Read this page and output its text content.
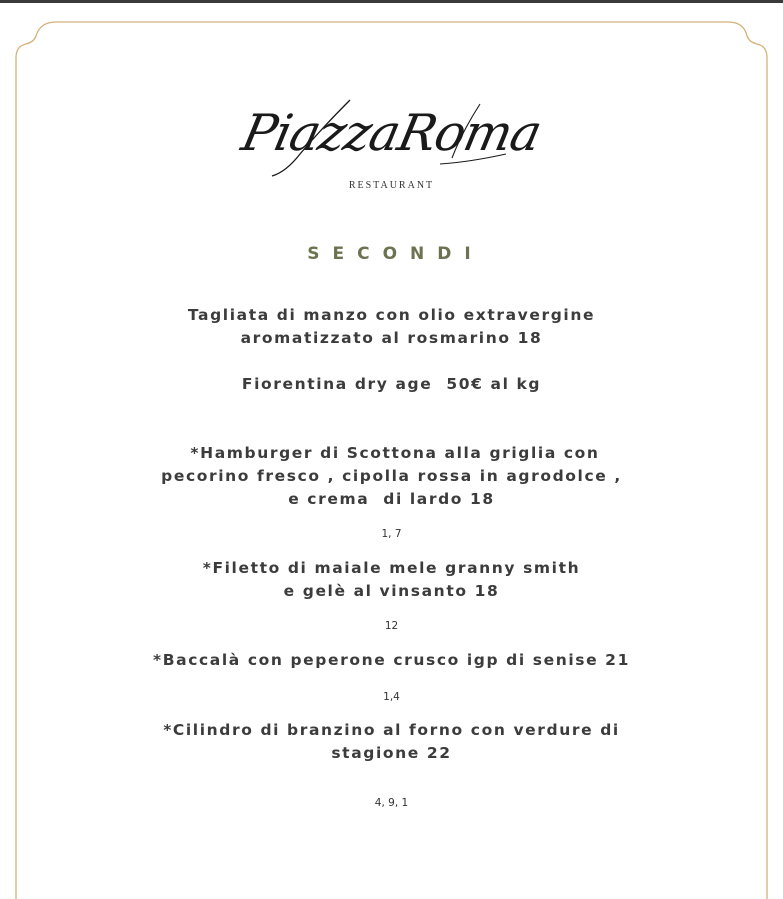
PiazzaRoma
RESTAURANT
SECONDI
Tagliata di manzo con olio extravergine
aromatizzato al rosmarino 18
Fiorentina dry age  50€ al kg
*Hamburger di Scottona alla griglia con
pecorino fresco , cipolla rossa in agrodolce ,
e crema  di lardo 18
1, 7
*Filetto di maiale mele granny smith
e gelè al vinsanto 18
12
*Baccalà con peperone crusco igp di senise 21
1,4
*Cilindro di branzino al forno con verdure di
stagione 22
4, 9, 1
